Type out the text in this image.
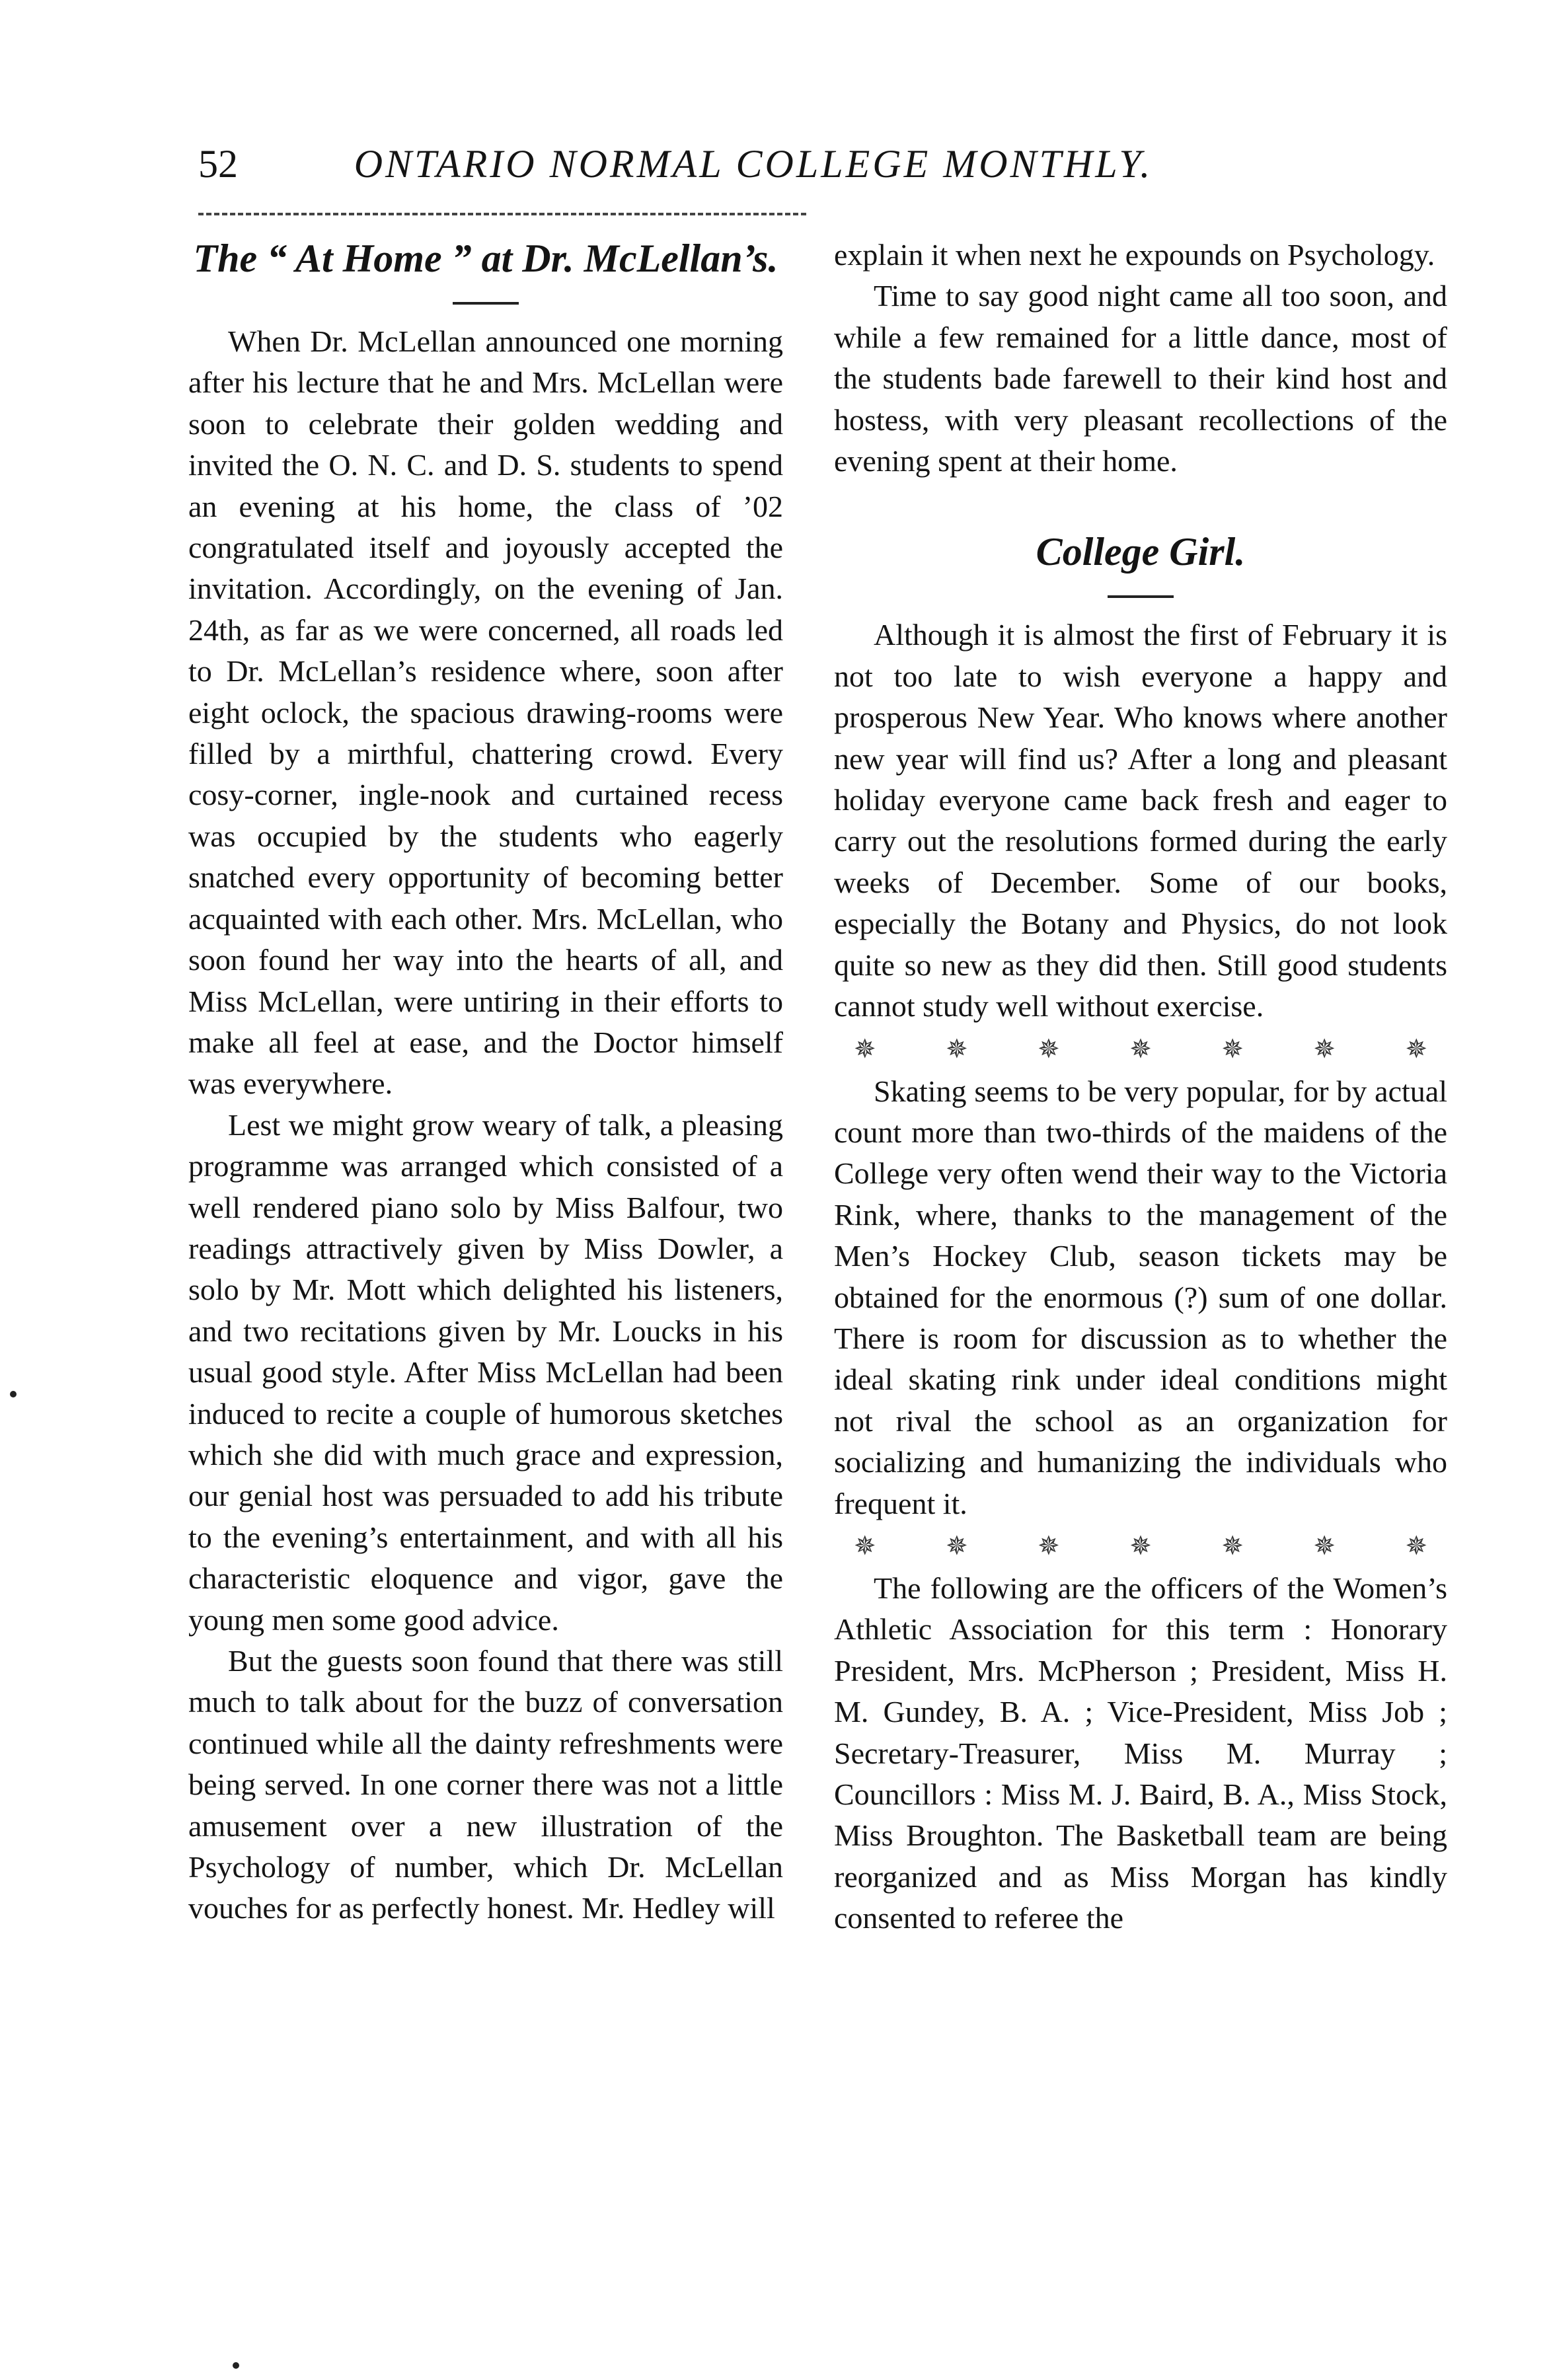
52	ONTARIO NORMAL COLLEGE MONTHLY.
The “ At Home ” at Dr. McLellan’s.

When Dr. McLellan announced one morning after his lecture that he and Mrs. McLellan were soon to celebrate their golden wedding and invited the O. N. C. and D. S. students to spend an evening at his home, the class of ’02 congratulated itself and joyously accepted the invitation. Accordingly, on the evening of Jan. 24th, as far as we were concerned, all roads led to Dr. McLellan’s residence where, soon after eight oclock, the spacious drawing-rooms were filled by a mirthful, chattering crowd. Every cosy-corner, ingle-nook and curtained recess was occupied by the students who eagerly snatched every opportunity of becoming better acquainted with each other. Mrs. McLellan, who soon found her way into the hearts of all, and Miss McLellan, were untiring in their efforts to make all feel at ease, and the Doctor himself was everywhere.

Lest we might grow weary of talk, a pleasing programme was arranged which consisted of a well rendered piano solo by Miss Balfour, two readings attractively given by Miss Dowler, a solo by Mr. Mott which delighted his listeners, and two recitations given by Mr. Loucks in his usual good style. After Miss McLellan had been induced to recite a couple of humorous sketches which she did with much grace and expression, our genial host was persuaded to add his tribute to the evening’s entertainment, and with all his characteristic eloquence and vigor, gave the young men some good advice.

But the guests soon found that there was still much to talk about for the buzz of conversation continued while all the dainty refreshments were being served. In one corner there was not a little amusement over a new illustration of the Psychology of number, which Dr. McLellan vouches for as perfectly honest. Mr. Hedley will

explain it when next he expounds on Psychology.

Time to say good night came all too soon, and while a few remained for a little dance, most of the students bade farewell to their kind host and hostess, with very pleasant recollections of the evening spent at their home.

College Girl.

Although it is almost the first of February it is not too late to wish everyone a happy and prosperous New Year. Who knows where another new year will find us? After a long and pleasant holiday everyone came back fresh and eager to carry out the resolutions formed during the early weeks of December. Some of our books, especially the Botany and Physics, do not look quite so new as they did then. Still good students cannot study well without exercise.

✵	✵	✵	✵	✵	✵	✵

Skating seems to be very popular, for by actual count more than two-thirds of the maidens of the College very often wend their way to the Victoria Rink, where, thanks to the management of the Men’s Hockey Club, season tickets may be obtained for the enormous (?) sum of one dollar. There is room for discussion as to whether the ideal skating rink under ideal conditions might not rival the school as an organization for socializing and humanizing the individuals who frequent it.

✵	✵	✵	✵	✵	✵	✵

The following are the officers of the Women’s Athletic Association for this term : Honorary President, Mrs. McPherson ; President, Miss H. M. Gundey, B. A. ; Vice-President, Miss Job ; Secretary-Treasurer, Miss M. Murray ; Councillors : Miss M. J. Baird, B. A., Miss Stock, Miss Broughton. The Basketball team are being reorganized and as Miss Morgan has kindly consented to referee the
